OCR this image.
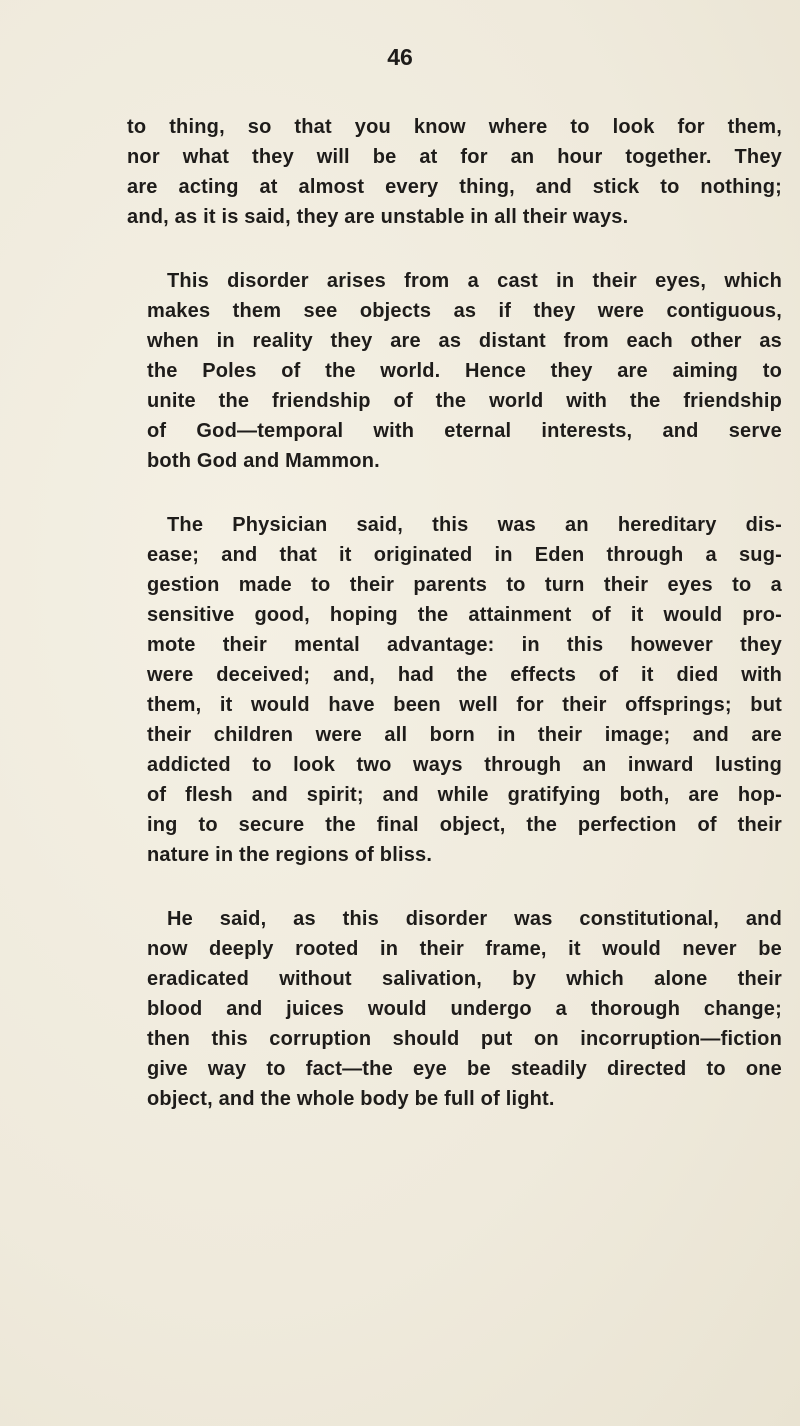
46
to thing, so that you know where to look for them,
nor what they will be at for an hour together. They
are acting at almost every thing, and stick to nothing;
and, as it is said, they are unstable in all their ways.
This disorder arises from a cast in their eyes, which
makes them see objects as if they were contiguous,
when in reality they are as distant from each other as
the Poles of the world. Hence they are aiming to
unite the friendship of the world with the friendship
of God—temporal with eternal interests, and serve
both God and Mammon.
The Physician said, this was an hereditary dis-
ease; and that it originated in Eden through a sug-
gestion made to their parents to turn their eyes to a
sensitive good, hoping the attainment of it would pro-
mote their mental advantage: in this however they
were deceived; and, had the effects of it died with
them, it would have been well for their offsprings; but
their children were all born in their image; and are
addicted to look two ways through an inward lusting
of flesh and spirit; and while gratifying both, are hop-
ing to secure the final object, the perfection of their
nature in the regions of bliss.
He said, as this disorder was constitutional, and
now deeply rooted in their frame, it would never be
eradicated without salivation, by which alone their
blood and juices would undergo a thorough change;
then this corruption should put on incorruption—fiction
give way to fact—the eye be steadily directed to one
object, and the whole body be full of light.
